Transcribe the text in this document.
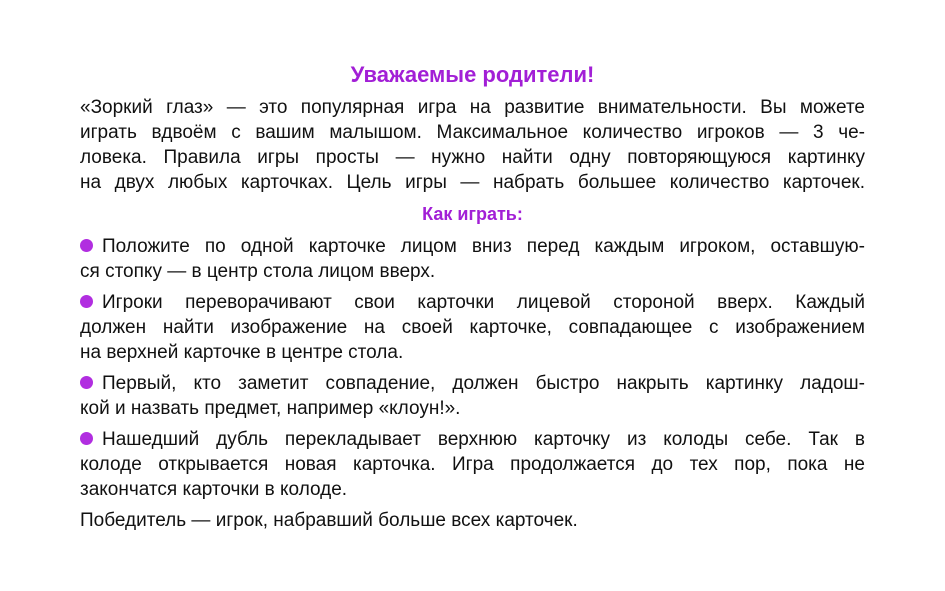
Уважаемые родители!
«Зоркий глаз» — это популярная игра на развитие внимательности. Вы можете
играть вдвоём с вашим малышом. Максимальное количество игроков — 3 че-
ловека. Правила игры просты — нужно найти одну повторяющуюся картинку
на двух любых карточках. Цель игры — набрать большее количество карточек.
Как играть:
Положите по одной карточке лицом вниз перед каждым игроком, оставшую-
ся стопку — в центр стола лицом вверх.
Игроки переворачивают свои карточки лицевой стороной вверх. Каждый
должен найти изображение на своей карточке, совпадающее с изображением
на верхней карточке в центре стола.
Первый, кто заметит совпадение, должен быстро накрыть картинку ладош-
кой и назвать предмет, например «клоун!».
Нашедший дубль перекладывает верхнюю карточку из колоды себе. Так в
колоде открывается новая карточка. Игра продолжается до тех пор, пока не
закончатся карточки в колоде.
Победитель — игрок, набравший больше всех карточек.
